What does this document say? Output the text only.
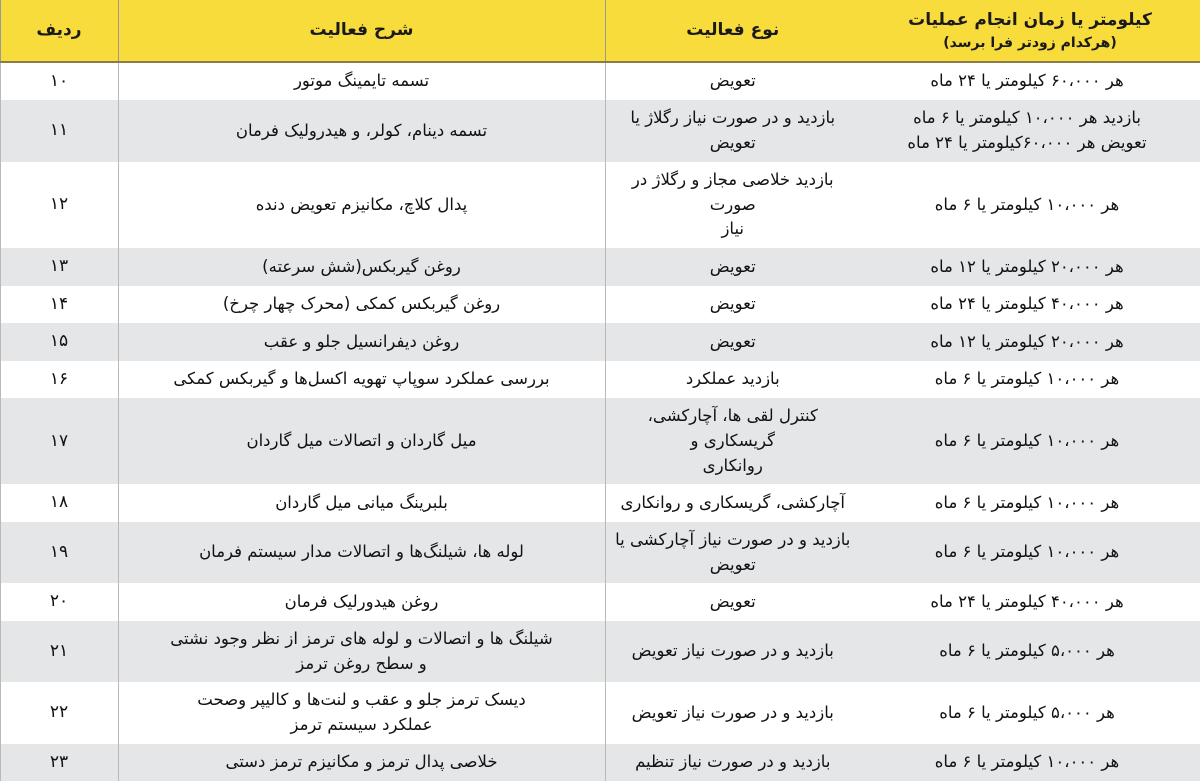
کیلومتر یا زمان انجام عملیات
(هرکدام زودتر فرا برسد)	نوع فعالیت	شرح فعالیت	ردیف

هر ۶۰،۰۰۰ کیلومتر یا ۲۴ ماه	تعویض	تسمه تایمینگ موتور	۱۰

بازدید هر ۱۰،۰۰۰ کیلومتر یا ۶ ماه
تعویض هر ۶۰،۰۰۰کیلومتر یا ۲۴ ماه	بازدید و در صورت نیاز رگلاژ یا تعویض	تسمه دینام، کولر، و هیدرولیک فرمان	۱۱

هر ۱۰،۰۰۰ کیلومتر یا ۶ ماه	بازدید خلاصی مجاز و رگلاژ در صورت
نیاز	پدال کلاچ، مکانیزم تعویض دنده	۱۲

هر ۲۰،۰۰۰ کیلومتر یا ۱۲ ماه	تعویض	روغن گیربکس(شش سرعته)	۱۳

هر ۴۰،۰۰۰ کیلومتر یا ۲۴ ماه	تعویض	روغن گیربکس کمکی (محرک چهار چرخ)	۱۴

هر ۲۰،۰۰۰ کیلومتر یا ۱۲ ماه	تعویض	روغن دیفرانسیل جلو و عقب	۱۵

هر ۱۰،۰۰۰ کیلومتر یا ۶ ماه	بازدید عملکرد	بررسی عملکرد سوپاپ تهویه اکسل‌ها و گیربکس کمکی	۱۶

هر ۱۰،۰۰۰ کیلومتر یا ۶ ماه	کنترل لقی ها، آچارکشی، گریسکاری و
روانکاری	میل گاردان و اتصالات میل گاردان	۱۷

هر ۱۰،۰۰۰ کیلومتر یا ۶ ماه	آچارکشی، گریسکاری و روانکاری	بلبرینگ میانی میل گاردان	۱۸

هر ۱۰،۰۰۰ کیلومتر یا ۶ ماه	بازدید و در صورت نیاز آچارکشی یا
تعویض	لوله ها، شیلنگ‌ها و اتصالات مدار سیستم فرمان	۱۹

هر ۴۰،۰۰۰ کیلومتر یا ۲۴ ماه	تعویض	روغن هیدورلیک فرمان	۲۰

هر ۵،۰۰۰ کیلومتر یا ۶ ماه	بازدید و در صورت نیاز تعویض	شیلنگ ها و اتصالات و لوله های ترمز از نظر وجود نشتی
و سطح روغن ترمز	۲۱

هر ۵،۰۰۰ کیلومتر یا ۶ ماه	بازدید و در صورت نیاز تعویض	دیسک ترمز جلو و عقب و لنت‌ها و کالیپر وصحت
عملکرد سیستم ترمز	۲۲

هر ۱۰،۰۰۰ کیلومتر یا ۶ ماه	بازدید و در صورت نیاز تنظیم	خلاصی پدال ترمز و مکانیزم ترمز دستی	۲۳
